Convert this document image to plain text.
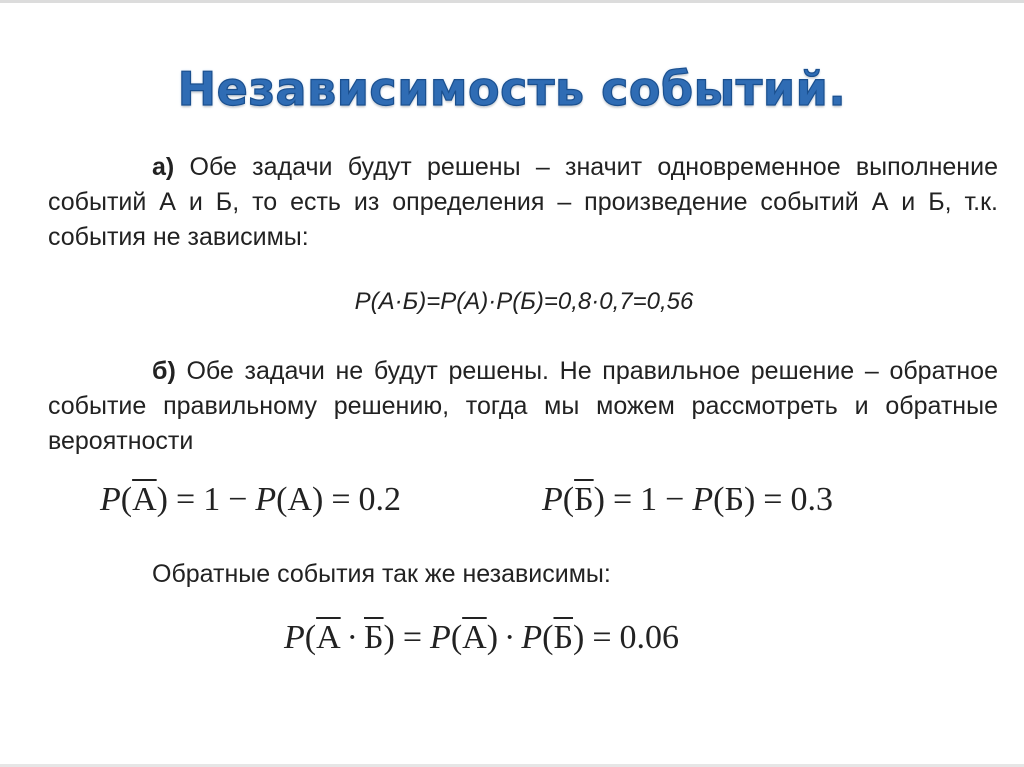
Независимость событий.
а) Обе задачи будут решены – значит одновременное выполнение событий А и Б, то есть из определения – произведение событий А и Б, т.к. события не зависимы:
P(А·Б)=P(А)·P(Б)=0,8·0,7=0,56
б) Обе задачи не будут решены. Не правильное решение – обратное событие правильному решению, тогда мы можем рассмотреть и обратные вероятности
P(А) = 1 − P(А) = 0.2	P(Б) = 1 − P(Б) = 0.3
Обратные события так же независимы:
P(А · Б) = P(А) · P(Б) = 0.06
